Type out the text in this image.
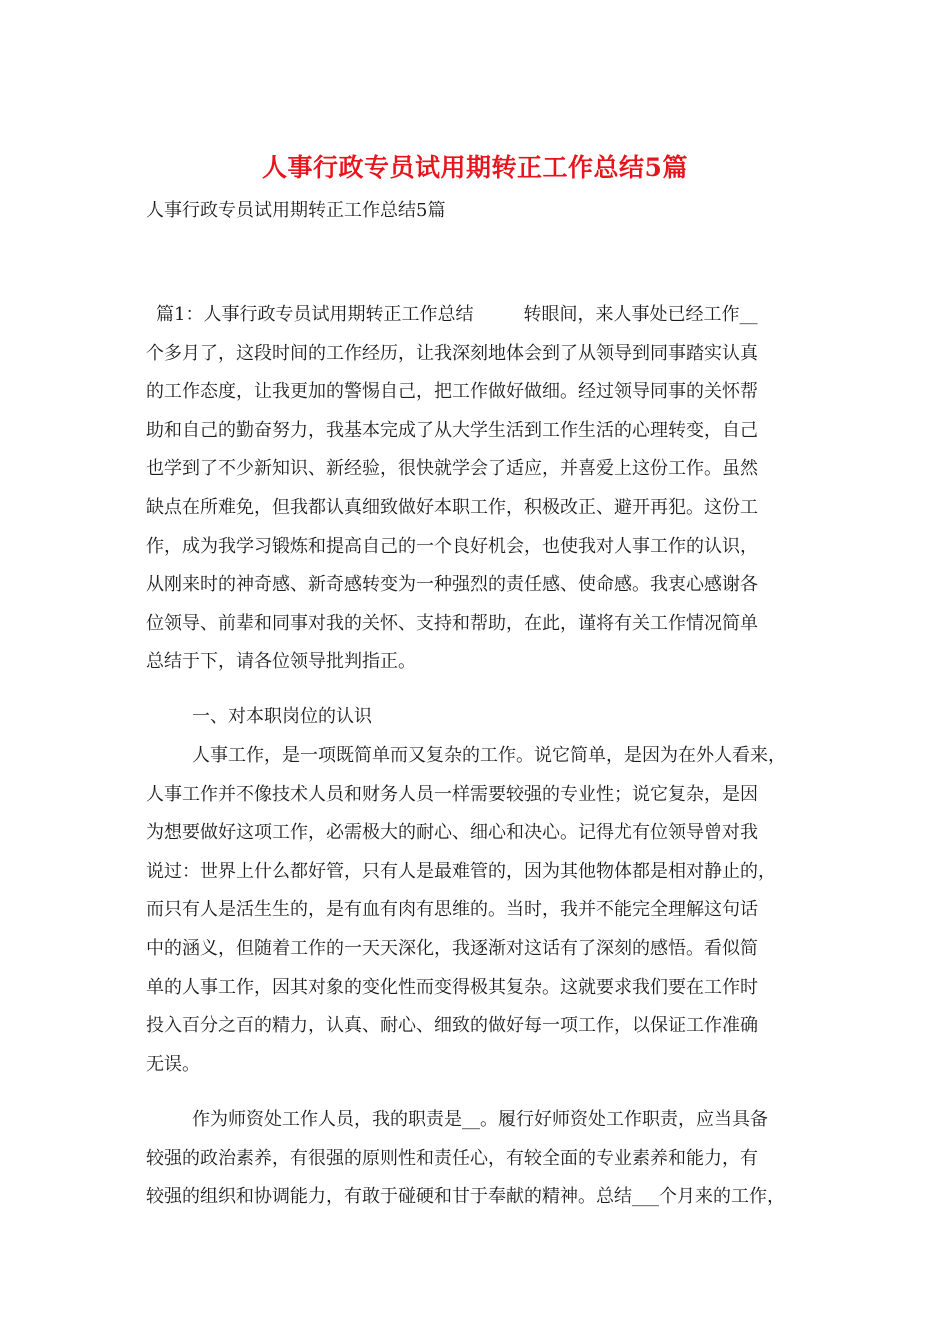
人事行政专员试用期转正工作总结5篇
人事行政专员试用期转正工作总结5篇
篇1：人事行政专员试用期转正工作总结	转眼间，来人事处已经工作__
个多月了，这段时间的工作经历，让我深刻地体会到了从领导到同事踏实认真
的工作态度，让我更加的警惕自己，把工作做好做细。经过领导同事的关怀帮
助和自己的勤奋努力，我基本完成了从大学生活到工作生活的心理转变，自己
也学到了不少新知识、新经验，很快就学会了适应，并喜爱上这份工作。虽然
缺点在所难免，但我都认真细致做好本职工作，积极改正、避开再犯。这份工
作，成为我学习锻炼和提高自己的一个良好机会，也使我对人事工作的认识，
从刚来时的神奇感、新奇感转变为一种强烈的责任感、使命感。我衷心感谢各
位领导、前辈和同事对我的关怀、支持和帮助，在此，谨将有关工作情况简单
总结于下，请各位领导批判指正。
一、对本职岗位的认识
人事工作，是一项既简单而又复杂的工作。说它简单，是因为在外人看来，
人事工作并不像技术人员和财务人员一样需要较强的专业性；说它复杂，是因
为想要做好这项工作，必需极大的耐心、细心和决心。记得尤有位领导曾对我
说过：世界上什么都好管，只有人是最难管的，因为其他物体都是相对静止的，
而只有人是活生生的，是有血有肉有思维的。当时，我并不能完全理解这句话
中的涵义，但随着工作的一天天深化，我逐渐对这话有了深刻的感悟。看似简
单的人事工作，因其对象的变化性而变得极其复杂。这就要求我们要在工作时
投入百分之百的精力，认真、耐心、细致的做好每一项工作，以保证工作准确
无误。
作为师资处工作人员，我的职责是__。履行好师资处工作职责，应当具备
较强的政治素养，有很强的原则性和责任心，有较全面的专业素养和能力，有
较强的组织和协调能力，有敢于碰硬和甘于奉献的精神。总结___个月来的工作，
